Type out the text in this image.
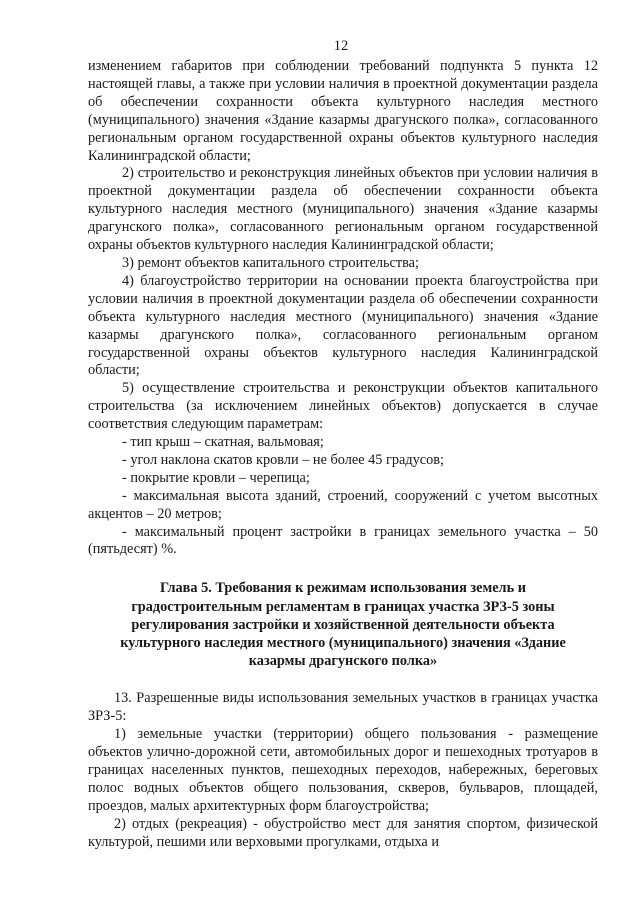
12

изменением габаритов при соблюдении требований подпункта 5 пункта 12 настоящей главы, а также при условии наличия в проектной документации раздела об обеспечении сохранности объекта культурного наследия местного (муниципального) значения «Здание казармы драгунского полка», согласованного региональным органом государственной охраны объектов культурного наследия Калининградской области;

2) строительство и реконструкция линейных объектов при условии наличия в проектной документации раздела об обеспечении сохранности объекта культурного наследия местного (муниципального) значения «Здание казармы драгунского полка», согласованного региональным органом государственной охраны объектов культурного наследия Калининградской области;

3) ремонт объектов капитального строительства;

4) благоустройство территории на основании проекта благоустройства при условии наличия в проектной документации раздела об обеспечении сохранности объекта культурного наследия местного (муниципального) значения «Здание казармы драгунского полка», согласованного региональным органом государственной охраны объектов культурного наследия Калининградской области;

5) осуществление строительства и реконструкции объектов капитального строительства (за исключением линейных объектов) допускается в случае соответствия следующим параметрам:

- тип крыш – скатная, вальмовая;

- угол наклона скатов кровли – не более 45 градусов;

- покрытие кровли – черепица;

- максимальная высота зданий, строений, сооружений с учетом высотных акцентов – 20 метров;

- максимальный процент застройки в границах земельного участка – 50 (пятьдесят) %.

Глава 5. Требования к режимам использования земель и градостроительным регламентам в границах участка ЗРЗ-5 зоны регулирования застройки и хозяйственной деятельности объекта культурного наследия местного (муниципального) значения «Здание казармы драгунского полка»

13. Разрешенные виды использования земельных участков в границах участка ЗРЗ-5:

1) земельные участки (территории) общего пользования - размещение объектов улично-дорожной сети, автомобильных дорог и пешеходных тротуаров в границах населенных пунктов, пешеходных переходов, набережных, береговых полос водных объектов общего пользования, скверов, бульваров, площадей, проездов, малых архитектурных форм благоустройства;

2) отдых (рекреация) - обустройство мест для занятия спортом, физической культурой, пешими или верховыми прогулками, отдыха и
